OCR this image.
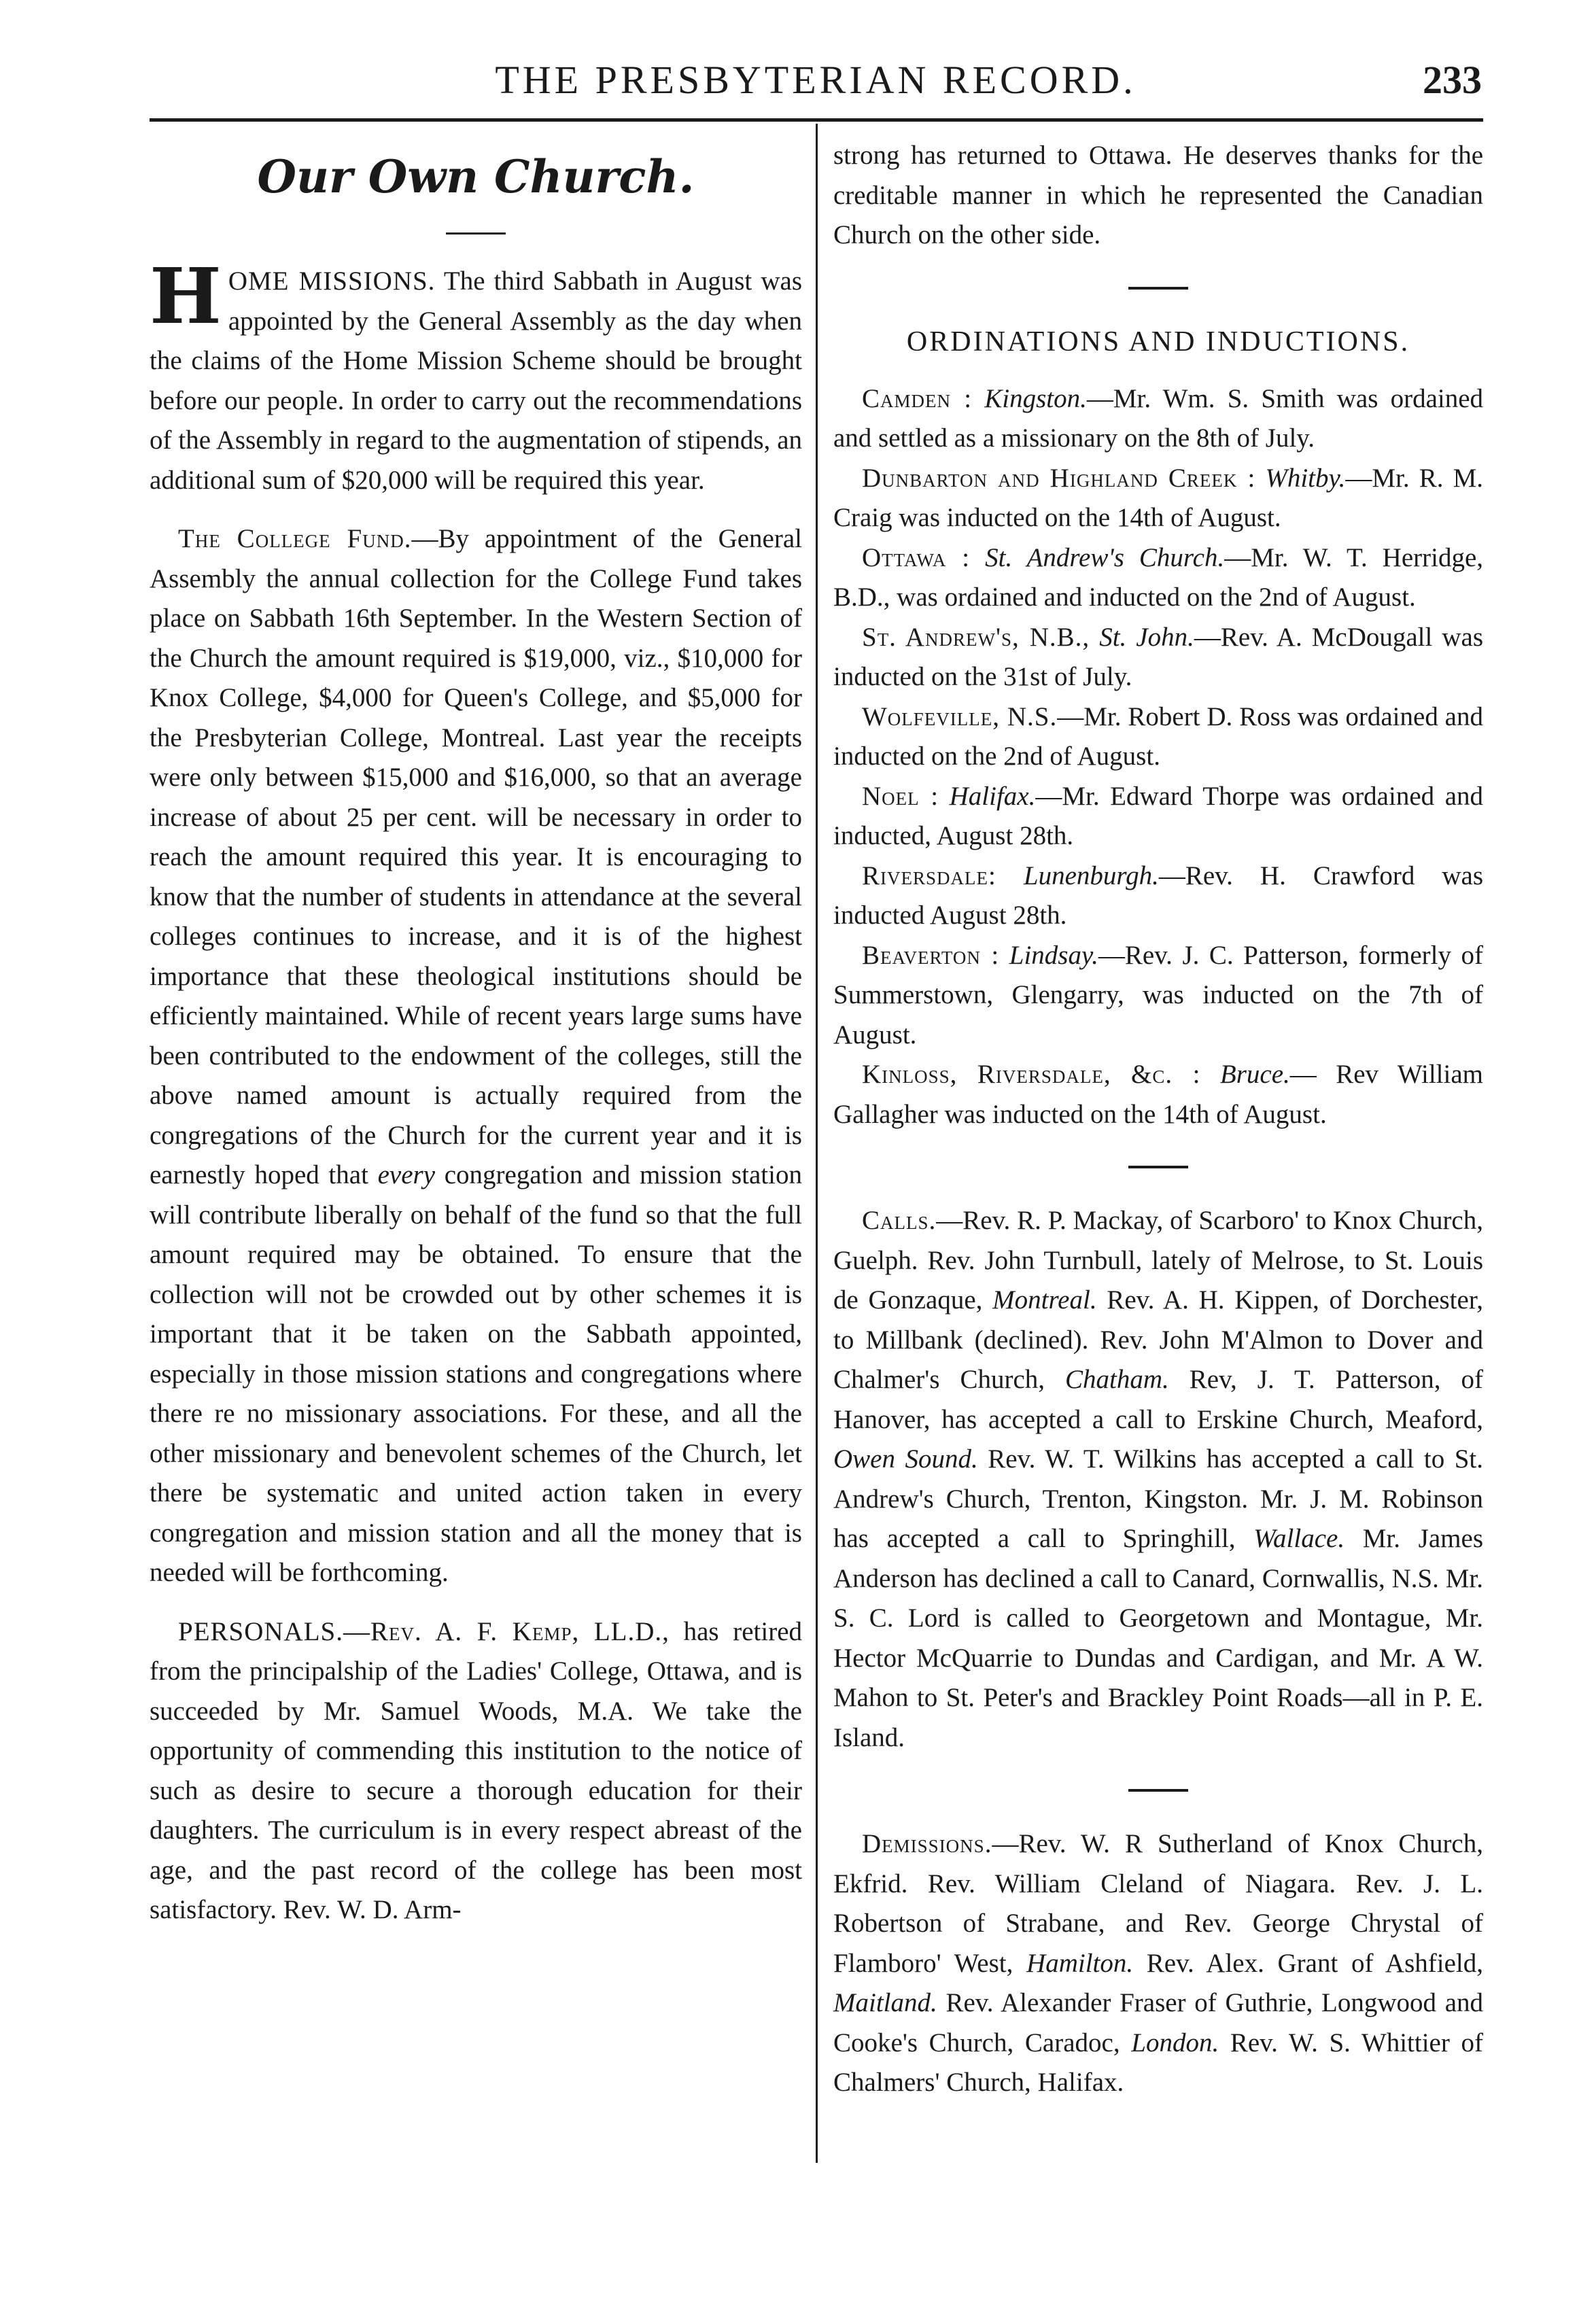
THE PRESBYTERIAN RECORD.	233
Our Own Church.

HOME MISSIONS. The third Sabbath in August was appointed by the General Assembly as the day when the claims of the Home Mission Scheme should be brought before our people. In order to carry out the recommendations of the Assembly in regard to the augmentation of stipends, an additional sum of $20,000 will be required this year.

The College Fund.—By appointment of the General Assembly the annual collection for the College Fund takes place on Sabbath 16th September. In the Western Section of the Church the amount required is $19,000, viz., $10,000 for Knox College, $4,000 for Queen's College, and $5,000 for the Presbyterian College, Montreal. Last year the receipts were only between $15,000 and $16,000, so that an average increase of about 25 per cent. will be necessary in order to reach the amount required this year. It is encouraging to know that the number of students in attendance at the several colleges continues to increase, and it is of the highest importance that these theological institutions should be efficiently maintained. While of recent years large sums have been contributed to the endowment of the colleges, still the above named amount is actually required from the congregations of the Church for the current year and it is earnestly hoped that every congregation and mission station will contribute liberally on behalf of the fund so that the full amount required may be obtained. To ensure that the collection will not be crowded out by other schemes it is important that it be taken on the Sabbath appointed, especially in those mission stations and congregations where there re no missionary associations. For these, and all the other missionary and benevolent schemes of the Church, let there be systematic and united action taken in every congregation and mission station and all the money that is needed will be forthcoming.

PERSONALS.—Rev. A. F. Kemp, LL.D., has retired from the principalship of the Ladies' College, Ottawa, and is succeeded by Mr. Samuel Woods, M.A. We take the opportunity of commending this institution to the notice of such as desire to secure a thorough education for their daughters. The curriculum is in every respect abreast of the age, and the past record of the college has been most satisfactory. Rev. W. D. Arm-

strong has returned to Ottawa. He deserves thanks for the creditable manner in which he represented the Canadian Church on the other side.

ORDINATIONS AND INDUCTIONS.

Camden : Kingston.—Mr. Wm. S. Smith was ordained and settled as a missionary on the 8th of July.

Dunbarton and Highland Creek : Whitby.—Mr. R. M. Craig was inducted on the 14th of August.

Ottawa : St. Andrew's Church.—Mr. W. T. Herridge, B.D., was ordained and inducted on the 2nd of August.

St. Andrew's, N.B., St. John.—Rev. A. McDougall was inducted on the 31st of July.

Wolfeville, N.S.—Mr. Robert D. Ross was ordained and inducted on the 2nd of August.

Noel : Halifax.—Mr. Edward Thorpe was ordained and inducted, August 28th.

Riversdale: Lunenburgh.—Rev. H. Crawford was inducted August 28th.

Beaverton : Lindsay.—Rev. J. C. Patterson, formerly of Summerstown, Glengarry, was inducted on the 7th of August.

Kinloss, Riversdale, &c. : Bruce.— Rev William Gallagher was inducted on the 14th of August.

Calls.—Rev. R. P. Mackay, of Scarboro' to Knox Church, Guelph. Rev. John Turnbull, lately of Melrose, to St. Louis de Gonzaque, Montreal. Rev. A. H. Kippen, of Dorchester, to Millbank (declined). Rev. John M'Almon to Dover and Chalmer's Church, Chatham. Rev, J. T. Patterson, of Hanover, has accepted a call to Erskine Church, Meaford, Owen Sound. Rev. W. T. Wilkins has accepted a call to St. Andrew's Church, Trenton, Kingston. Mr. J. M. Robinson has accepted a call to Springhill, Wallace. Mr. James Anderson has declined a call to Canard, Cornwallis, N.S. Mr. S. C. Lord is called to Georgetown and Montague, Mr. Hector McQuarrie to Dundas and Cardigan, and Mr. A W. Mahon to St. Peter's and Brackley Point Roads—all in P. E. Island.

Demissions.—Rev. W. R Sutherland of Knox Church, Ekfrid. Rev. William Cleland of Niagara. Rev. J. L. Robertson of Strabane, and Rev. George Chrystal of Flamboro' West, Hamilton. Rev. Alex. Grant of Ashfield, Maitland. Rev. Alexander Fraser of Guthrie, Longwood and Cooke's Church, Caradoc, London. Rev. W. S. Whittier of Chalmers' Church, Halifax.
